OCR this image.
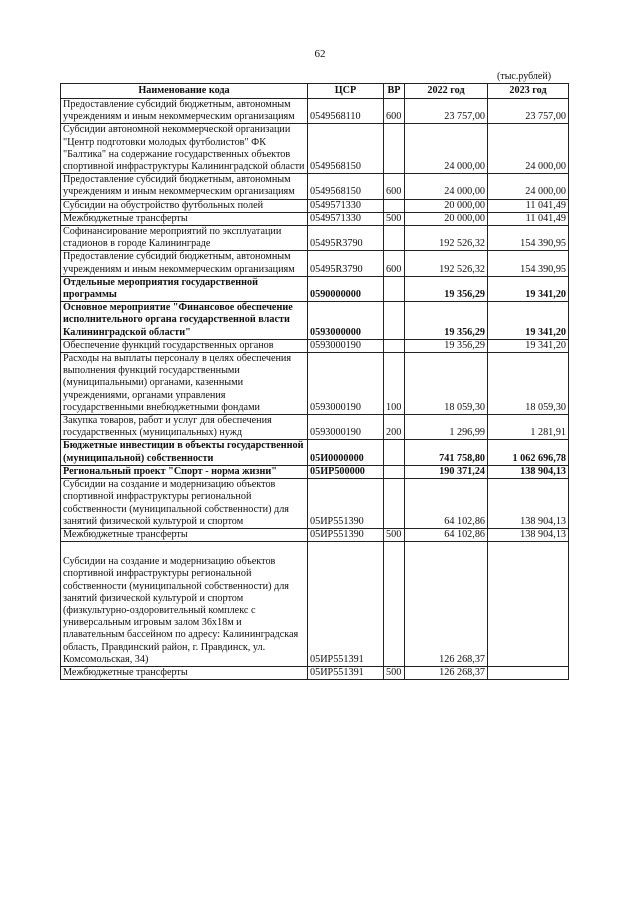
62
(тыс.рублей)
Наименование кода	ЦСР	ВР	2022 год	2023 год
Предоставление субсидий бюджетным, автономным учреждениям и иным некоммерческим организациям	0549568110	600	23 757,00	23 757,00
Субсидии автономной некоммерческой организации "Центр подготовки молодых футболистов" ФК "Балтика" на содержание государственных объектов спортивной инфраструктуры Калининградской области	0549568150		24 000,00	24 000,00
Предоставление субсидий бюджетным, автономным учреждениям и иным некоммерческим организациям	0549568150	600	24 000,00	24 000,00
Субсидии на обустройство футбольных полей	0549571330		20 000,00	11 041,49
Межбюджетные трансферты	0549571330	500	20 000,00	11 041,49
Софинансирование мероприятий по эксплуатации стадионов в городе Калининграде	05495R3790		192 526,32	154 390,95
Предоставление субсидий бюджетным, автономным учреждениям и иным некоммерческим организациям	05495R3790	600	192 526,32	154 390,95
Отдельные мероприятия государственной программы	0590000000		19 356,29	19 341,20
Основное мероприятие "Финансовое обеспечение исполнительного органа государственной власти Калининградской области"	0593000000		19 356,29	19 341,20
Обеспечение функций государственных органов	0593000190		19 356,29	19 341,20
Расходы на выплаты персоналу в целях обеспечения выполнения функций государственными (муниципальными) органами, казенными учреждениями, органами управления государственными внебюджетными фондами	0593000190	100	18 059,30	18 059,30
Закупка товаров, работ и услуг для обеспечения государственных (муниципальных) нужд	0593000190	200	1 296,99	1 281,91
Бюджетные инвестиции в объекты государственной (муниципальной) собственности	05И0000000		741 758,80	1 062 696,78
Региональный проект "Спорт - норма жизни"	05ИР500000		190 371,24	138 904,13
Субсидии на создание и модернизацию объектов спортивной инфраструктуры региональной собственности (муниципальной собственности) для занятий физической культурой и спортом	05ИР551390		64 102,86	138 904,13
Межбюджетные трансферты	05ИР551390	500	64 102,86	138 904,13
Субсидии на создание и модернизацию объектов спортивной инфраструктуры региональной собственности (муниципальной собственности) для занятий физической культурой и спортом (физкультурно-оздоровительный комплекс с универсальным игровым залом 36х18м и плавательным бассейном по адресу: Калининградская область, Правдинский район, г. Правдинск, ул. Комсомольская, 34)	05ИР551391		126 268,37	
Межбюджетные трансферты	05ИР551391	500	126 268,37	
